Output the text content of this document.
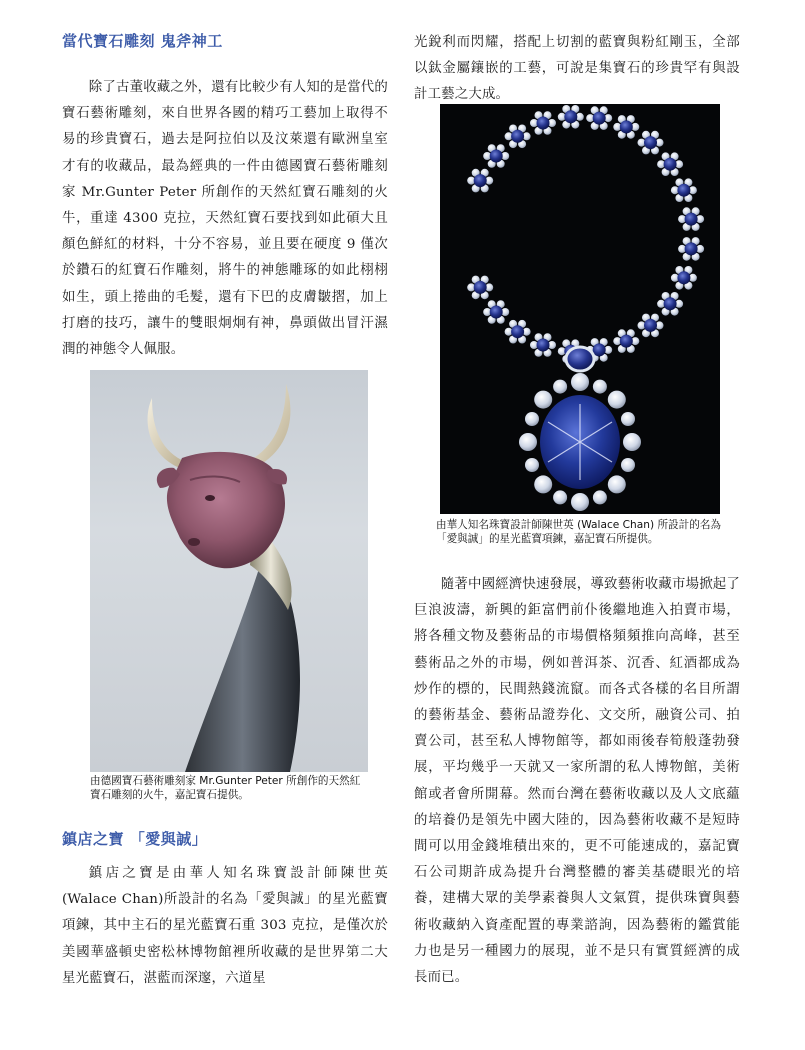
當代寶石雕刻 鬼斧神工

除了古董收藏之外，還有比較少有人知的是當代的寶石藝術雕刻，來自世界各國的精巧工藝加上取得不易的珍貴寶石，過去是阿拉伯以及汶萊還有歐洲皇室才有的收藏品，最為經典的一件由德國寶石藝術雕刻家 Mr.Gunter Peter 所創作的天然紅寶石雕刻的火牛，重達 4300 克拉，天然紅寶石要找到如此碩大且顏色鮮紅的材料，十分不容易，並且要在硬度 9 僅次於鑽石的紅寶石作雕刻，將牛的神態雕琢的如此栩栩如生，頭上捲曲的毛髮，還有下巴的皮膚皺摺，加上打磨的技巧，讓牛的雙眼炯炯有神，鼻頭做出冒汗濕潤的神態令人佩服。

由德國寶石藝術雕刻家 Mr.Gunter Peter 所創作的天然紅寶石雕刻的火牛，嘉記寶石提供。
鎮店之寶 「愛與誠」

鎮店之寶是由華人知名珠寶設計師陳世英(Walace Chan)所設計的名為「愛與誠」的星光藍寶項鍊，其中主石的星光藍寶石重 303 克拉，是僅次於美國華盛頓史密松林博物館裡所收藏的是世界第二大星光藍寶石，湛藍而深邃，六道星

光銳利而閃耀，搭配上切割的藍寶與粉紅剛玉，全部以鈦金屬鑲嵌的工藝，可說是集寶石的珍貴罕有與設計工藝之大成。

由華人知名珠寶設計師陳世英 (Walace Chan) 所設計的名為「愛與誠」的星光藍寶項鍊，嘉記寶石所提供。

隨著中國經濟快速發展，導致藝術收藏市場掀起了巨浪波濤，新興的鉅富們前仆後繼地進入拍賣市場，將各種文物及藝術品的市場價格頻頻推向高峰，甚至藝術品之外的市場，例如普洱茶、沉香、紅酒都成為炒作的標的，民間熱錢流竄。而各式各樣的名目所謂的藝術基金、藝術品證券化、文交所，融資公司、拍賣公司，甚至私人博物館等，都如雨後春筍般蓬勃發展，平均幾乎一天就又一家所謂的私人博物館，美術館或者會所開幕。然而台灣在藝術收藏以及人文底蘊的培養仍是領先中國大陸的，因為藝術收藏不是短時間可以用金錢堆積出來的，更不可能速成的，嘉記寶石公司期許成為提升台灣整體的審美基礎眼光的培養，建構大眾的美學素養與人文氣質，提供珠寶與藝術收藏納入資產配置的專業諮詢，因為藝術的鑑賞能力也是另一種國力的展現，並不是只有實質經濟的成長而已。
